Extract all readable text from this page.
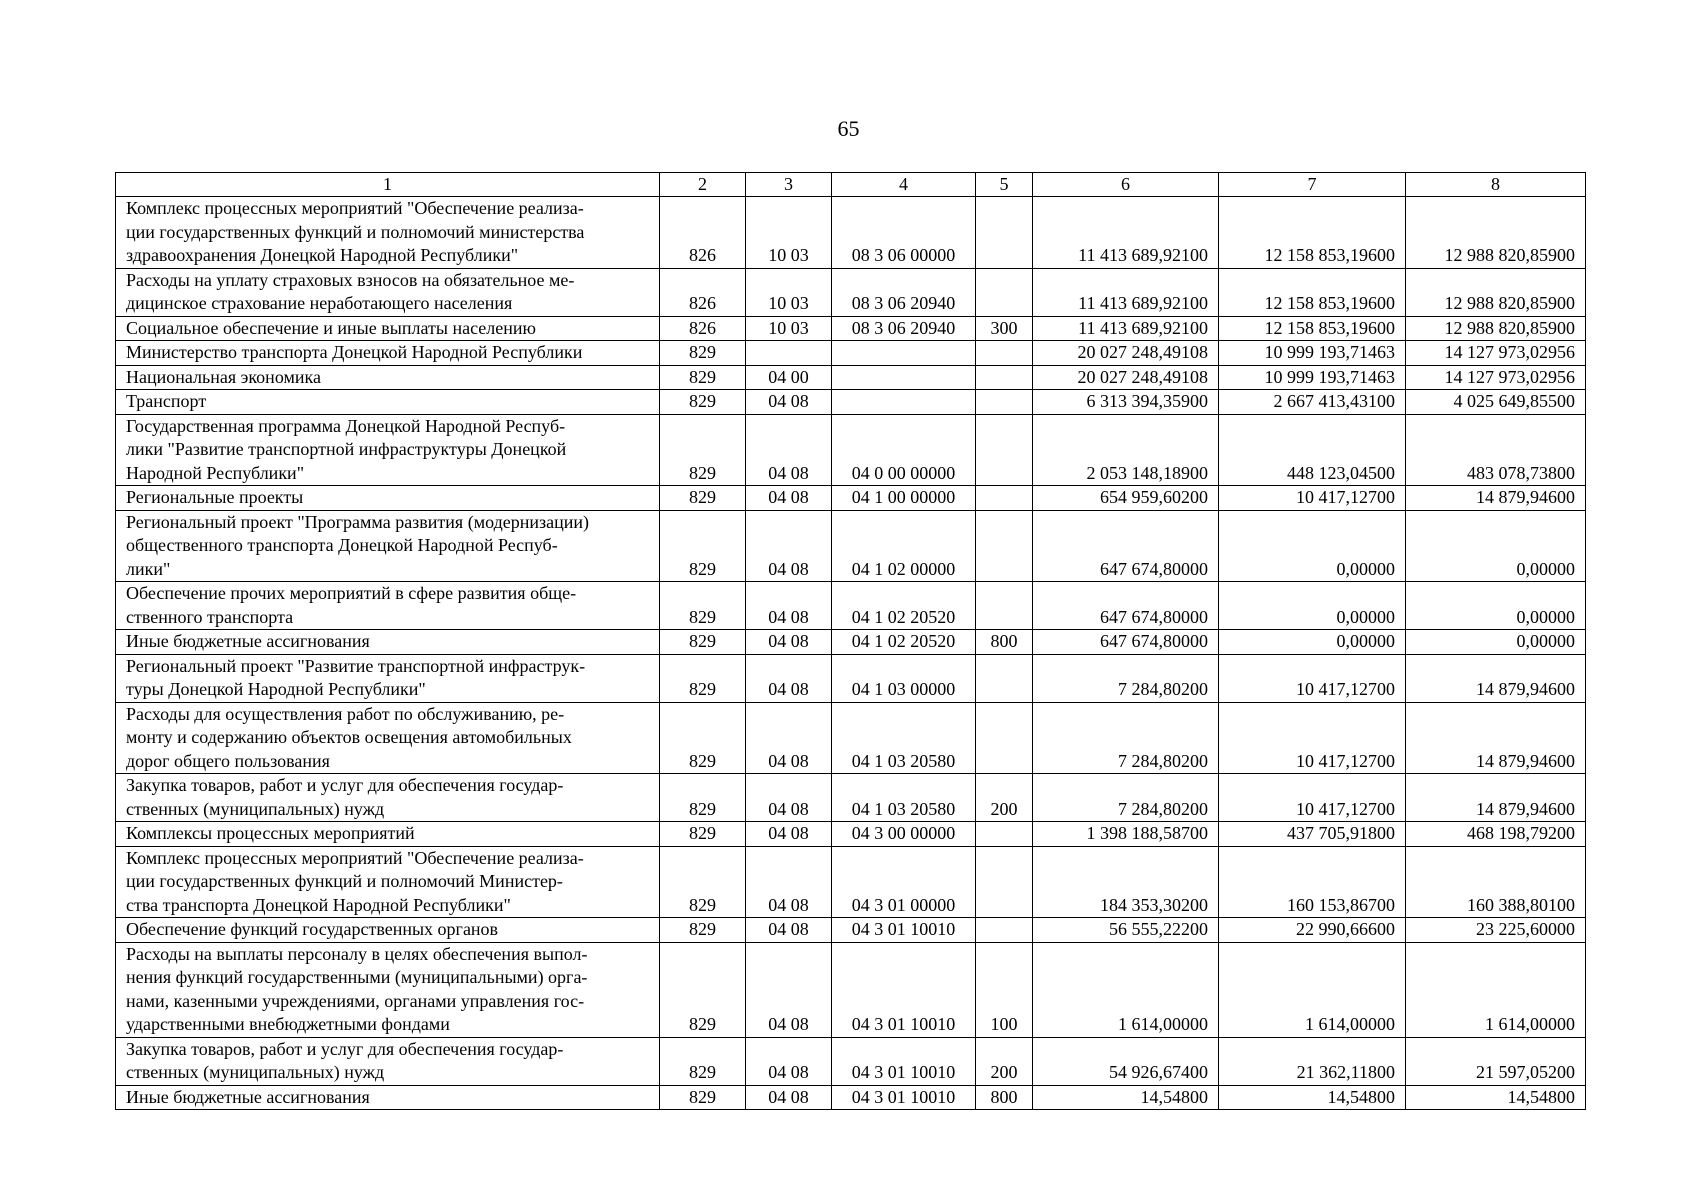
65
1	2	3	4	5	6	7	8
Комплекс процессных мероприятий "Обеспечение реализа-
ции государственных функций и полномочий министерства
здравоохранения Донецкой Народной Республики"	826	10 03	08 3 06 00000		11 413 689,92100	12 158 853,19600	12 988 820,85900
Расходы на уплату страховых взносов на обязательное ме-
дицинское страхование неработающего населения	826	10 03	08 3 06 20940		11 413 689,92100	12 158 853,19600	12 988 820,85900
Социальное обеспечение и иные выплаты населению	826	10 03	08 3 06 20940	300	11 413 689,92100	12 158 853,19600	12 988 820,85900
Министерство транспорта Донецкой Народной Республики	829				20 027 248,49108	10 999 193,71463	14 127 973,02956
Национальная экономика	829	04 00			20 027 248,49108	10 999 193,71463	14 127 973,02956
Транспорт	829	04 08			6 313 394,35900	2 667 413,43100	4 025 649,85500
Государственная программа Донецкой Народной Респуб-
лики "Развитие транспортной инфраструктуры Донецкой
Народной Республики"	829	04 08	04 0 00 00000		2 053 148,18900	448 123,04500	483 078,73800
Региональные проекты	829	04 08	04 1 00 00000		654 959,60200	10 417,12700	14 879,94600
Региональный проект "Программа развития (модернизации)
общественного транспорта Донецкой Народной Респуб-
лики"	829	04 08	04 1 02 00000		647 674,80000	0,00000	0,00000
Обеспечение прочих мероприятий в сфере развития обще-
ственного транспорта	829	04 08	04 1 02 20520		647 674,80000	0,00000	0,00000
Иные бюджетные ассигнования	829	04 08	04 1 02 20520	800	647 674,80000	0,00000	0,00000
Региональный проект "Развитие транспортной инфраструк-
туры Донецкой Народной Республики"	829	04 08	04 1 03 00000		7 284,80200	10 417,12700	14 879,94600
Расходы для осуществления работ по обслуживанию, ре-
монту и содержанию объектов освещения автомобильных
дорог общего пользования	829	04 08	04 1 03 20580		7 284,80200	10 417,12700	14 879,94600
Закупка товаров, работ и услуг для обеспечения государ-
ственных (муниципальных) нужд	829	04 08	04 1 03 20580	200	7 284,80200	10 417,12700	14 879,94600
Комплексы процессных мероприятий	829	04 08	04 3 00 00000		1 398 188,58700	437 705,91800	468 198,79200
Комплекс процессных мероприятий "Обеспечение реализа-
ции государственных функций и полномочий Министер-
ства транспорта Донецкой Народной Республики"	829	04 08	04 3 01 00000		184 353,30200	160 153,86700	160 388,80100
Обеспечение функций государственных органов	829	04 08	04 3 01 10010		56 555,22200	22 990,66600	23 225,60000
Расходы на выплаты персоналу в целях обеспечения выпол-
нения функций государственными (муниципальными) орга-
нами, казенными учреждениями, органами управления гос-
ударственными внебюджетными фондами	829	04 08	04 3 01 10010	100	1 614,00000	1 614,00000	1 614,00000
Закупка товаров, работ и услуг для обеспечения государ-
ственных (муниципальных) нужд	829	04 08	04 3 01 10010	200	54 926,67400	21 362,11800	21 597,05200
Иные бюджетные ассигнования	829	04 08	04 3 01 10010	800	14,54800	14,54800	14,54800
